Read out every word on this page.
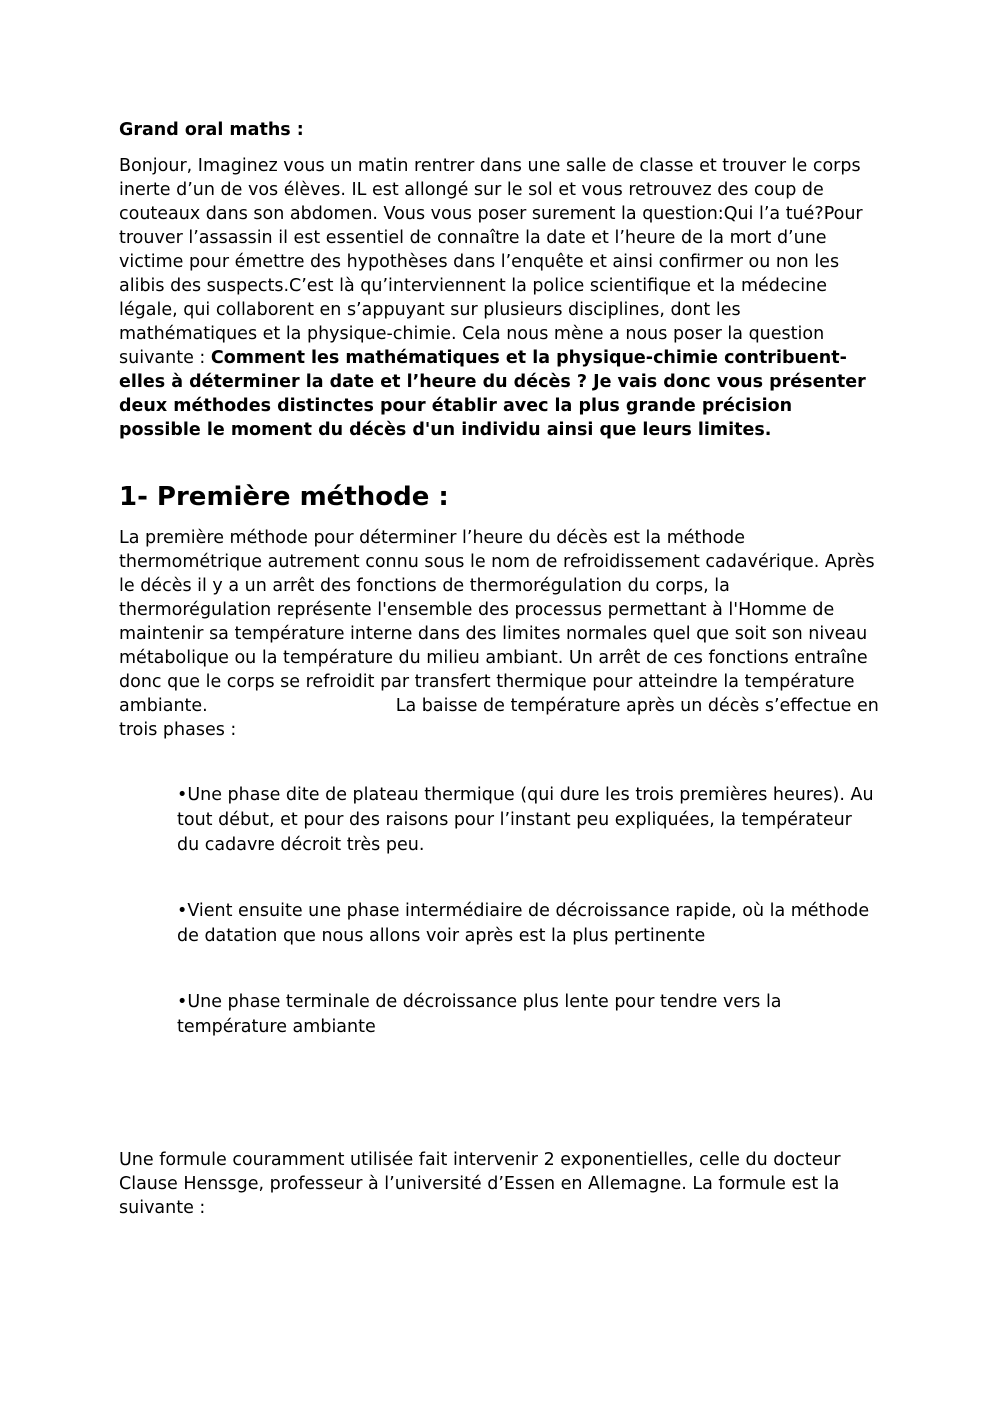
Grand oral maths :

Bonjour, Imaginez vous un matin rentrer dans une salle de classe et trouver le corps inerte d’un de vos élèves. IL est allongé sur le sol et vous retrouvez des coup de couteaux dans son abdomen. Vous vous poser surement la question:Qui l’a tué?Pour trouver l’assassin il est essentiel de connaître la date et l’heure de la mort d’une victime pour émettre des hypothèses dans l’enquête et ainsi confirmer ou non les alibis des suspects.C’est là qu’interviennent la police scientifique et la médecine légale, qui collaborent en s’appuyant sur plusieurs disciplines, dont les mathématiques et la physique-chimie. Cela nous mène a nous poser la question suivante : Comment les mathématiques et la physique-chimie contribuent-elles à déterminer la date et l’heure du décès ? Je vais donc vous présenter deux méthodes distinctes pour établir avec la plus grande précision possible le moment du décès d'un individu ainsi que leurs limites.

1- Première méthode :

La première méthode pour déterminer l’heure du décès est la méthode thermométrique autrement connu sous le nom de refroidissement cadavérique. Après le décès il y a un arrêt des fonctions de thermorégulation du corps, la thermorégulation représente l'ensemble des processus permettant à l'Homme de maintenir sa température interne dans des limites normales quel que soit son niveau métabolique ou la température du milieu ambiant. Un arrêt de ces fonctions entraîne donc que le corps se refroidit par transfert thermique pour atteindre la température ambiante.	La baisse de température après un décès s’effectue en trois phases :

•Une phase dite de plateau thermique (qui dure les trois premières heures). Au tout début, et pour des raisons pour l’instant peu expliquées, la températeur du cadavre décroit très peu.

•Vient ensuite une phase intermédiaire de décroissance rapide, où la méthode de datation que nous allons voir après est la plus pertinente

•Une phase terminale de décroissance plus lente pour tendre vers la température ambiante

Une formule couramment utilisée fait intervenir 2 exponentielles, celle du docteur Clause Henssge, professeur à l’université d’Essen en Allemagne. La formule est la suivante :
